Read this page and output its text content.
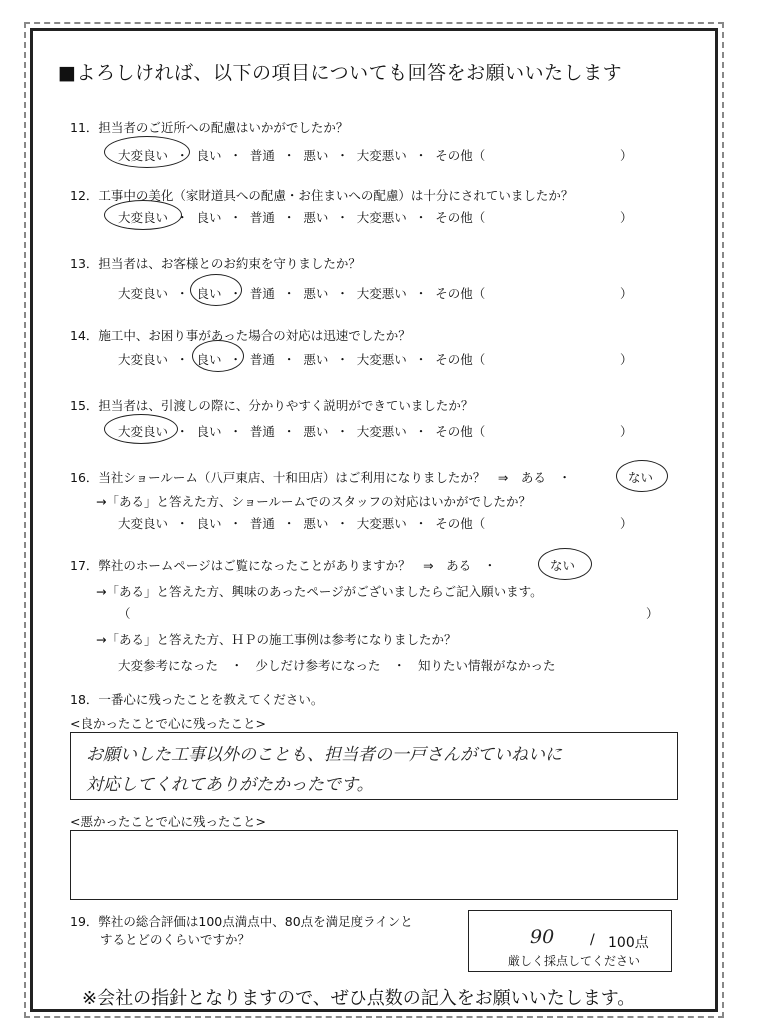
■よろしければ、以下の項目についても回答をお願いいたします
11．担当者のご近所への配慮はいかがでしたか？
大変良い ・ 良い ・ 普通 ・ 悪い ・ 大変悪い ・ その他（	）
12．工事中の美化（家財道具への配慮・お住まいへの配慮）は十分にされていましたか？
大変良い ・ 良い ・ 普通 ・ 悪い ・ 大変悪い ・ その他（	）
13．担当者は、お客様とのお約束を守りましたか？
大変良い ・ 良い ・ 普通 ・ 悪い ・ 大変悪い ・ その他（	）
14．施工中、お困り事があった場合の対応は迅速でしたか？
大変良い ・ 良い ・ 普通 ・ 悪い ・ 大変悪い ・ その他（	）
15．担当者は、引渡しの際に、分かりやすく説明ができていましたか？
大変良い ・ 良い ・ 普通 ・ 悪い ・ 大変悪い ・ その他（	）
16．当社ショールーム（八戸東店、十和田店）はご利用になりましたか？　⇒　ある　・	ない
→「ある」と答えた方、ショールームでのスタッフの対応はいかがでしたか？
大変良い ・ 良い ・ 普通 ・ 悪い ・ 大変悪い ・ その他（	）
17．弊社のホームページはご覧になったことがありますか？　⇒　ある　・	ない
→「ある」と答えた方、興味のあったページがございましたらご記入願います。
（	）
→「ある」と答えた方、ＨＰの施工事例は参考になりましたか？
大変参考になった　・　少しだけ参考になった　・　知りたい情報がなかった
18．一番心に残ったことを教えてください。
<良かったことで心に残ったこと>
お願いした工事以外のことも、担当者の一戸さんがていねいに
対応してくれてありがたかったです。
<悪かったことで心に残ったこと>
19．弊社の総合評価は100点満点中、80点を満足度ラインと
するとどのくらいですか？	90	/ 100点
厳しく採点してください
※会社の指針となりますので、ぜひ点数の記入をお願いいたします。
